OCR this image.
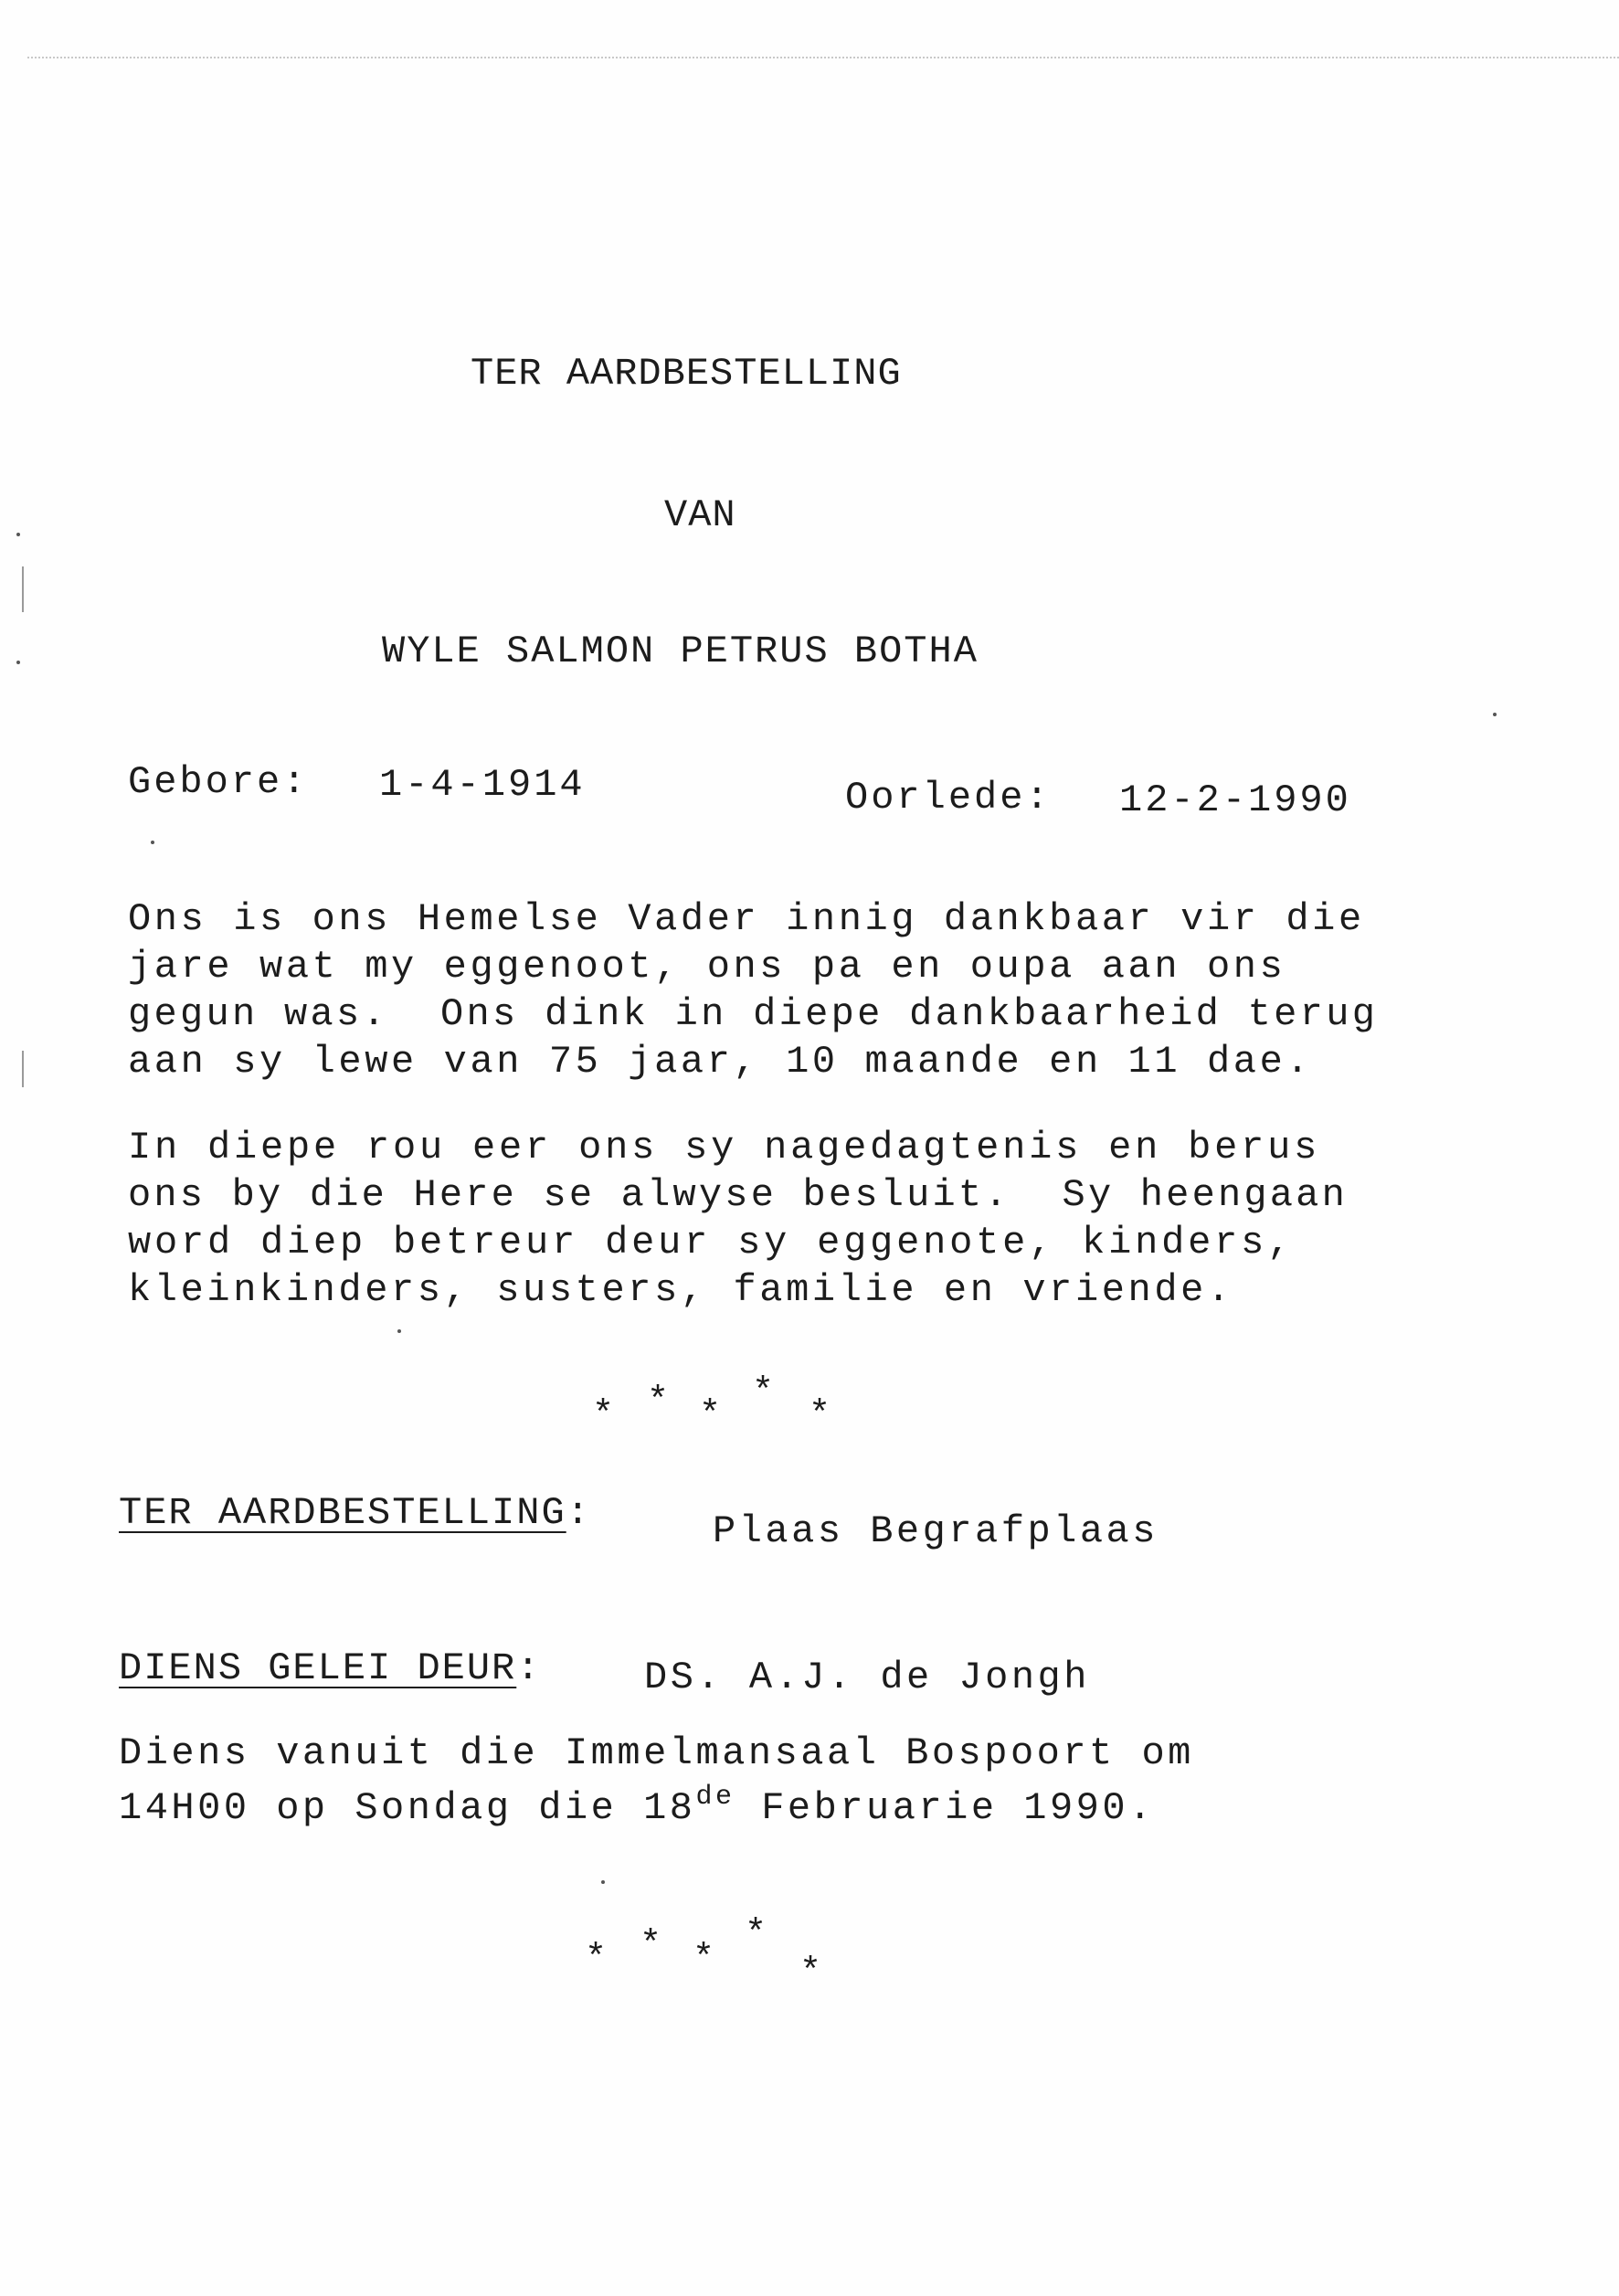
TER AARDBESTELLING
VAN
WYLE SALMON PETRUS BOTHA
Gebore: 1-4-1914	Oorlede: 12-2-1990
Ons is ons Hemelse Vader innig dankbaar vir die
jare wat my eggenoot, ons pa en oupa aan ons
gegun was.  Ons dink in diepe dankbaarheid terug
aan sy lewe van 75 jaar, 10 maande en 11 dae.
In diepe rou eer ons sy nagedagtenis en berus
ons by die Here se alwyse besluit.  Sy heengaan
word diep betreur deur sy eggenote, kinders,
kleinkinders, susters, familie en vriende.
* * *
*
*
TER AARDBESTELLING:	Plaas Begrafplaas
DIENS GELEI DEUR:	DS. A.J. de Jongh
Diens vanuit die Immelmansaal Bospoort om
14H00 op Sondag die 18de Februarie 1990.
* * *
*
*
